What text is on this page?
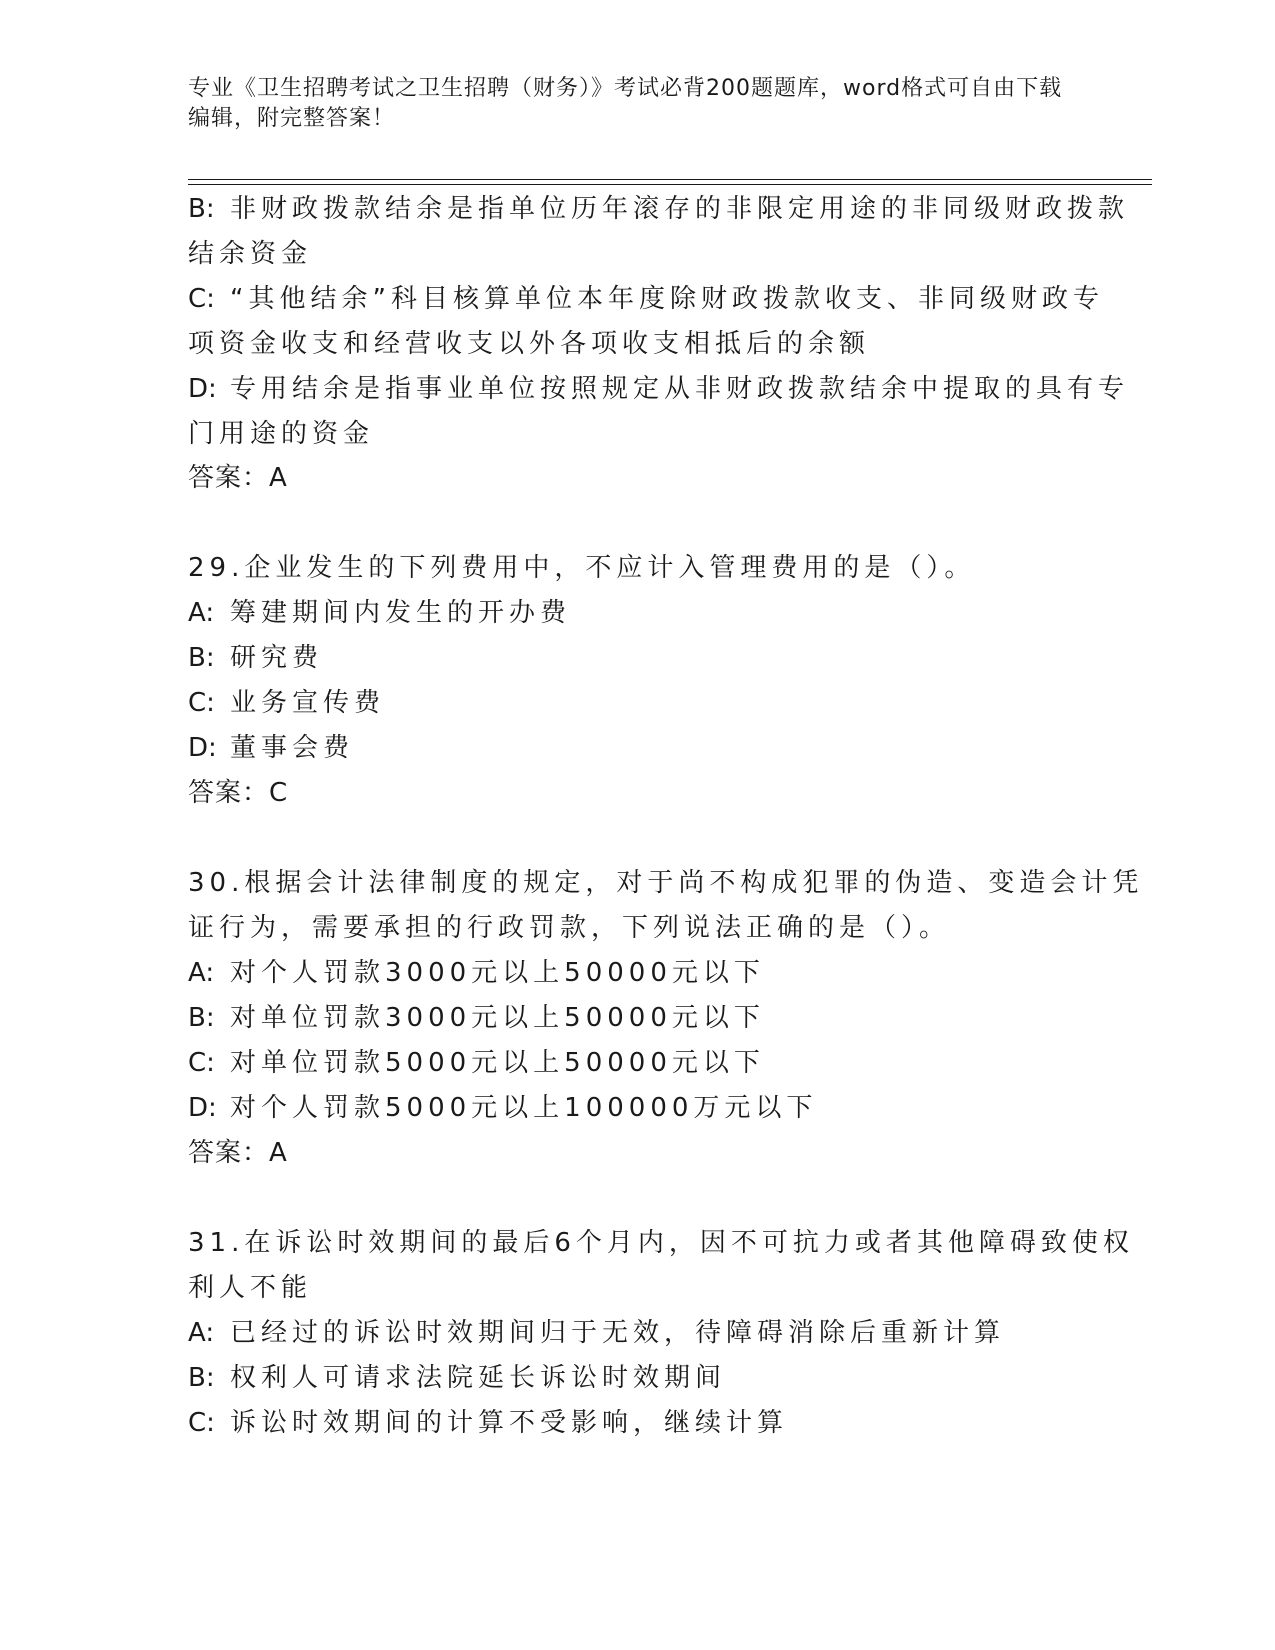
专业《卫生招聘考试之卫生招聘（财务）》考试必背200题题库，word格式可自由下载编辑，附完整答案！

B: 非财政拨款结余是指单位历年滚存的非限定用途的非同级财政拨款

结余资金

C: “其他结余”科目核算单位本年度除财政拨款收支、非同级财政专

项资金收支和经营收支以外各项收支相抵后的余额

D: 专用结余是指事业单位按照规定从非财政拨款结余中提取的具有专

门用途的资金

答案：A

29.企业发生的下列费用中，不应计入管理费用的是（）。

A: 筹建期间内发生的开办费

B: 研究费

C: 业务宣传费

D: 董事会费

答案：C

30.根据会计法律制度的规定，对于尚不构成犯罪的伪造、变造会计凭

证行为，需要承担的行政罚款，下列说法正确的是（）。

A: 对个人罚款3000元以上50000元以下

B: 对单位罚款3000元以上50000元以下

C: 对单位罚款5000元以上50000元以下

D: 对个人罚款5000元以上100000万元以下

答案：A

31.在诉讼时效期间的最后6个月内，因不可抗力或者其他障碍致使权

利人不能

A: 已经过的诉讼时效期间归于无效，待障碍消除后重新计算

B: 权利人可请求法院延长诉讼时效期间

C: 诉讼时效期间的计算不受影响，继续计算
